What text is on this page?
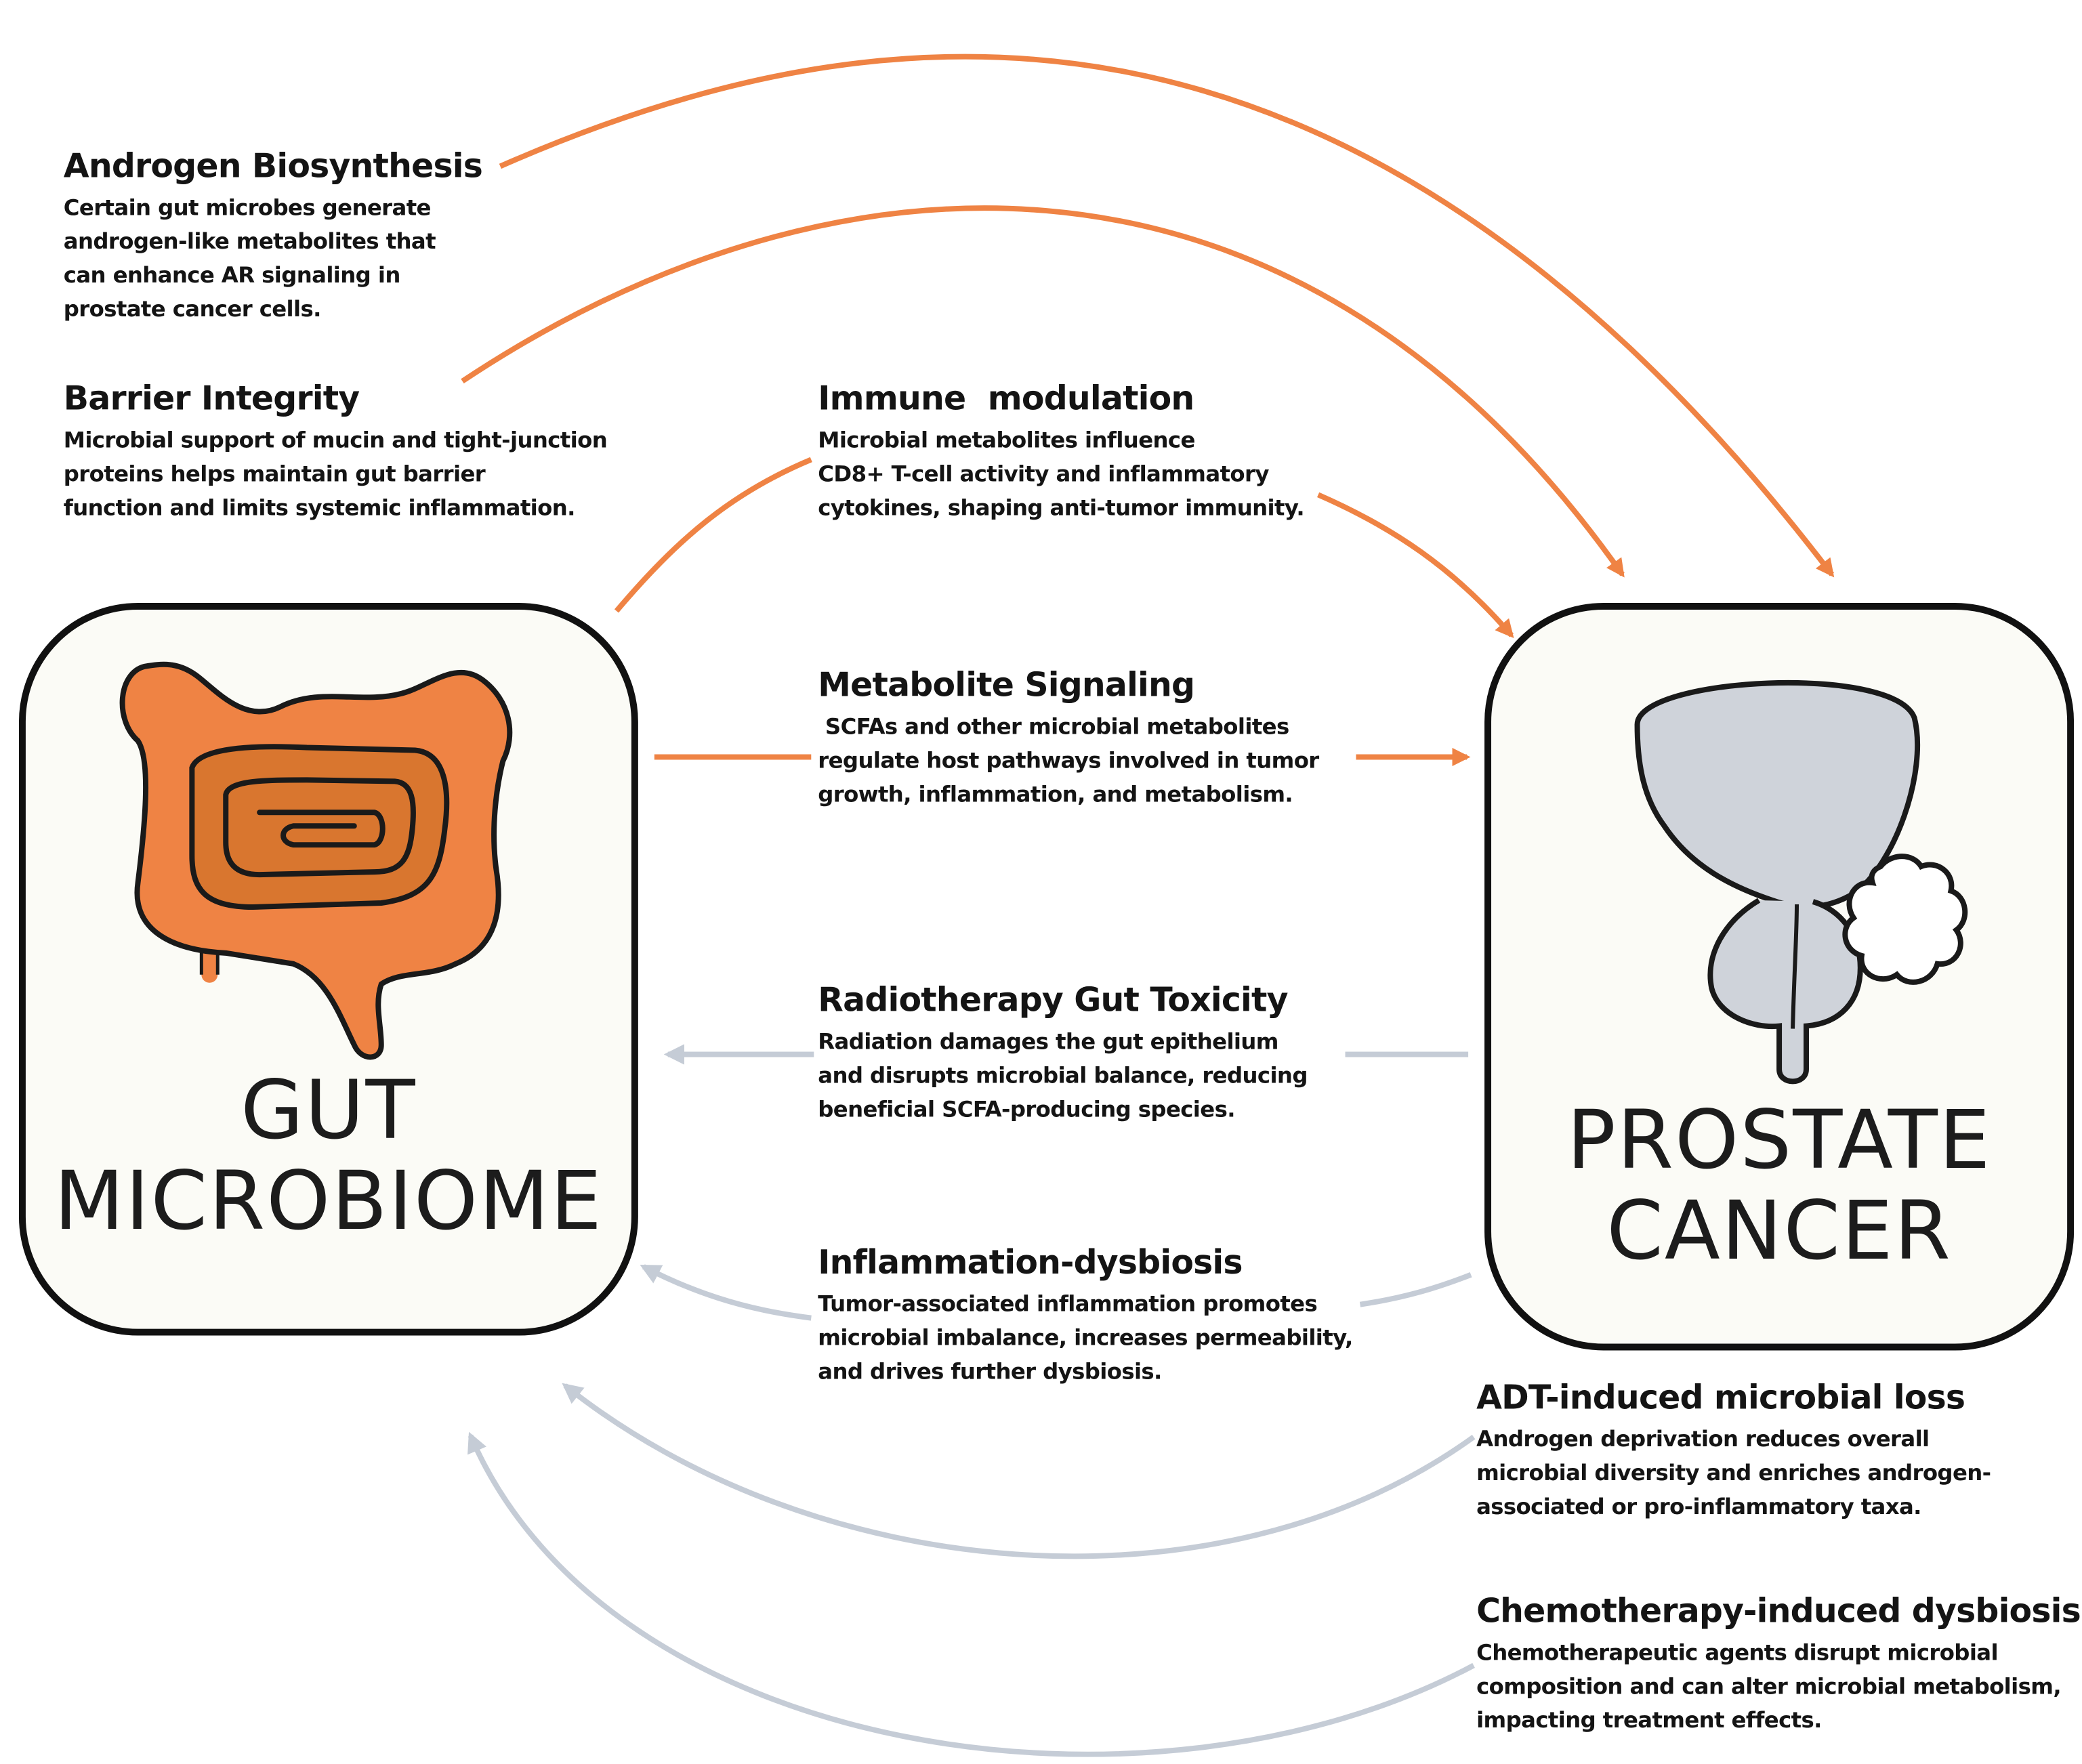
GUT
MICROBIOME
PROSTATE
CANCER
Androgen Biosynthesis
Certain gut microbes generate
androgen-like metabolites that
can enhance AR signaling in
prostate cancer cells.
Barrier Integrity
Microbial support of mucin and tight-junction
proteins helps maintain gut barrier
function and limits systemic inflammation.
Immune  modulation
Microbial metabolites influence
CD8+ T-cell activity and inflammatory
cytokines, shaping anti-tumor immunity.
Metabolite Signaling
SCFAs and other microbial metabolites
regulate host pathways involved in tumor
growth, inflammation, and metabolism.
Radiotherapy Gut Toxicity
Radiation damages the gut epithelium
and disrupts microbial balance, reducing
beneficial SCFA-producing species.
Inflammation-dysbiosis
Tumor-associated inflammation promotes
microbial imbalance, increases permeability,
and drives further dysbiosis.
ADT-induced microbial loss
Androgen deprivation reduces overall
microbial diversity and enriches androgen-
associated or pro-inflammatory taxa.
Chemotherapy-induced dysbiosis
Chemotherapeutic agents disrupt microbial
composition and can alter microbial metabolism,
impacting treatment effects.
